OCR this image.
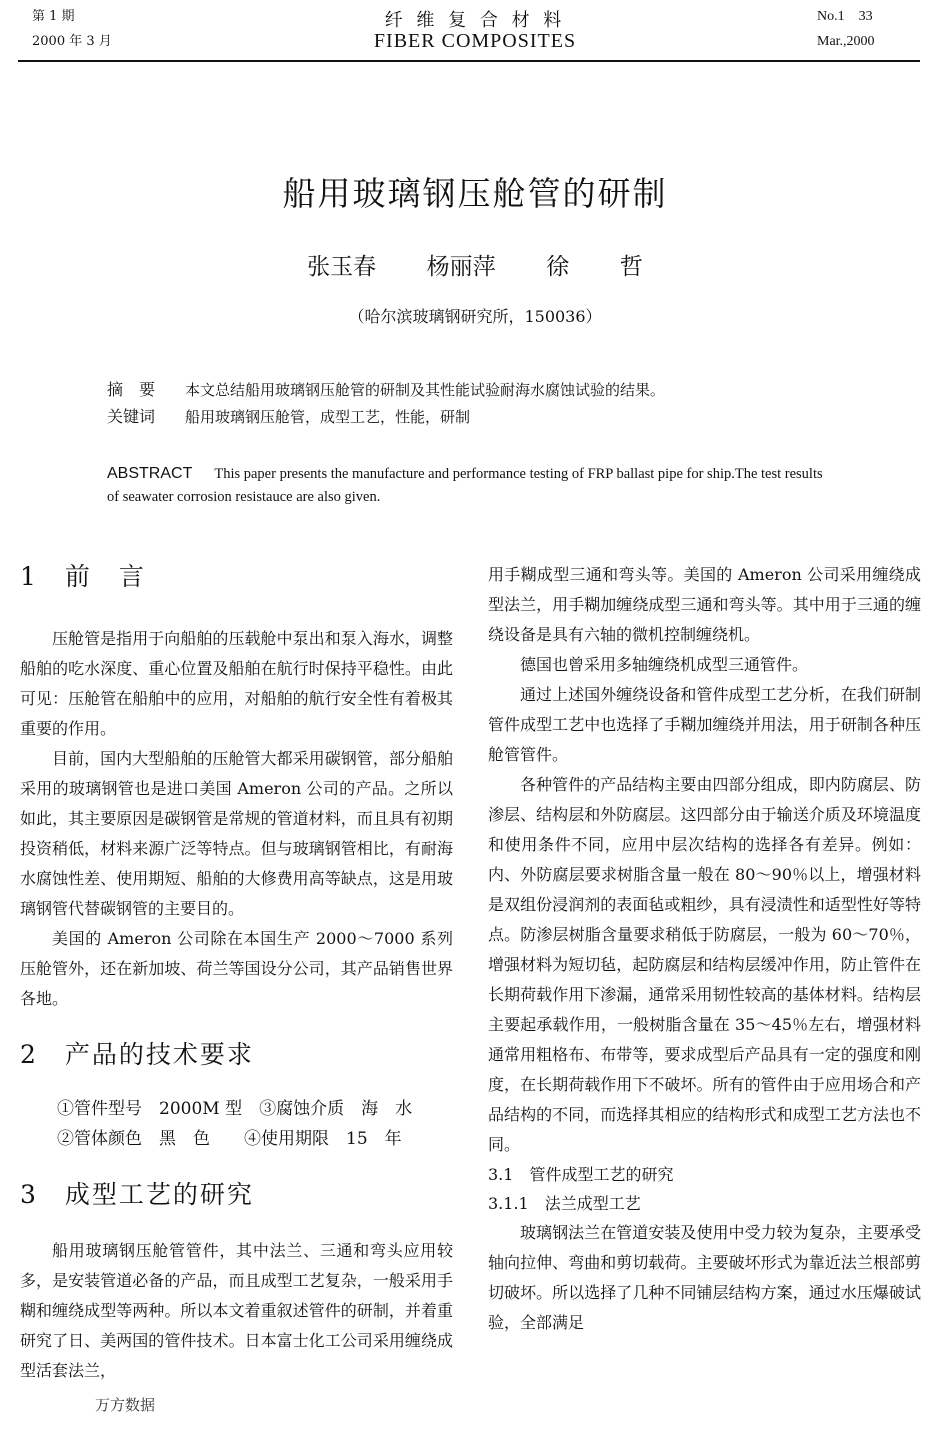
第 1 期
2000 年 3 月
纤 维 复 合 材 料
FIBER COMPOSITES
No.1    33
Mar.,2000
船用玻璃钢压舱管的研制
张玉春  杨丽萍  徐  哲
（哈尔滨玻璃钢研究所，150036）
摘　要 本文总结船用玻璃钢压舱管的研制及其性能试验耐海水腐蚀试验的结果。
关键词 船用玻璃钢压舱管，成型工艺，性能，研制
ABSTRACT This paper presents the manufacture and performance testing of FRP ballast pipe for ship.The test results of seawater corrosion resistauce are also given.
1　前　言

压舱管是指用于向船舶的压载舱中泵出和泵入海水，调整船舶的吃水深度、重心位置及船舶在航行时保持平稳性。由此可见：压舱管在船舶中的应用，对船舶的航行安全性有着极其重要的作用。

目前，国内大型船舶的压舱管大都采用碳钢管，部分船舶采用的玻璃钢管也是进口美国 Ameron 公司的产品。之所以如此，其主要原因是碳钢管是常规的管道材料，而且具有初期投资稍低，材料来源广泛等特点。但与玻璃钢管相比，有耐海水腐蚀性差、使用期短、船舶的大修费用高等缺点，这是用玻璃钢管代替碳钢管的主要目的。

美国的 Ameron 公司除在本国生产 2000～7000 系列压舱管外，还在新加坡、荷兰等国设分公司，其产品销售世界各地。

2　产品的技术要求
①管件型号　2000M 型　③腐蚀介质　海　水
②管体颜色　黑　色　　④使用期限　15　年
3　成型工艺的研究

船用玻璃钢压舱管管件，其中法兰、三通和弯头应用较多，是安装管道必备的产品，而且成型工艺复杂，一般采用手糊和缠绕成型等两种。所以本文着重叙述管件的研制，并着重研究了日、美两国的管件技术。日本富士化工公司采用缠绕成型活套法兰，

用手糊成型三通和弯头等。美国的 Ameron 公司采用缠绕成型法兰，用手糊加缠绕成型三通和弯头等。其中用于三通的缠绕设备是具有六轴的微机控制缠绕机。

德国也曾采用多轴缠绕机成型三通管件。

通过上述国外缠绕设备和管件成型工艺分析，在我们研制管件成型工艺中也选择了手糊加缠绕并用法，用于研制各种压舱管管件。

各种管件的产品结构主要由四部分组成，即内防腐层、防渗层、结构层和外防腐层。这四部分由于输送介质及环境温度和使用条件不同，应用中层次结构的选择各有差异。例如：内、外防腐层要求树脂含量一般在 80～90％以上，增强材料是双组份浸润剂的表面毡或粗纱，具有浸渍性和适型性好等特点。防渗层树脂含量要求稍低于防腐层，一般为 60～70％，增强材料为短切毡，起防腐层和结构层缓冲作用，防止管件在长期荷载作用下渗漏，通常采用韧性较高的基体材料。结构层主要起承载作用，一般树脂含量在 35～45％左右，增强材料通常用粗格布、布带等，要求成型后产品具有一定的强度和刚度，在长期荷载作用下不破坏。所有的管件由于应用场合和产品结构的不同，而选择其相应的结构形式和成型工艺方法也不同。

3.1　管件成型工艺的研究
3.1.1　法兰成型工艺

玻璃钢法兰在管道安装及使用中受力较为复杂，主要承受轴向拉伸、弯曲和剪切载荷。主要破坏形式为靠近法兰根部剪切破坏。所以选择了几种不同铺层结构方案，通过水压爆破试验，全部满足

万方数据
